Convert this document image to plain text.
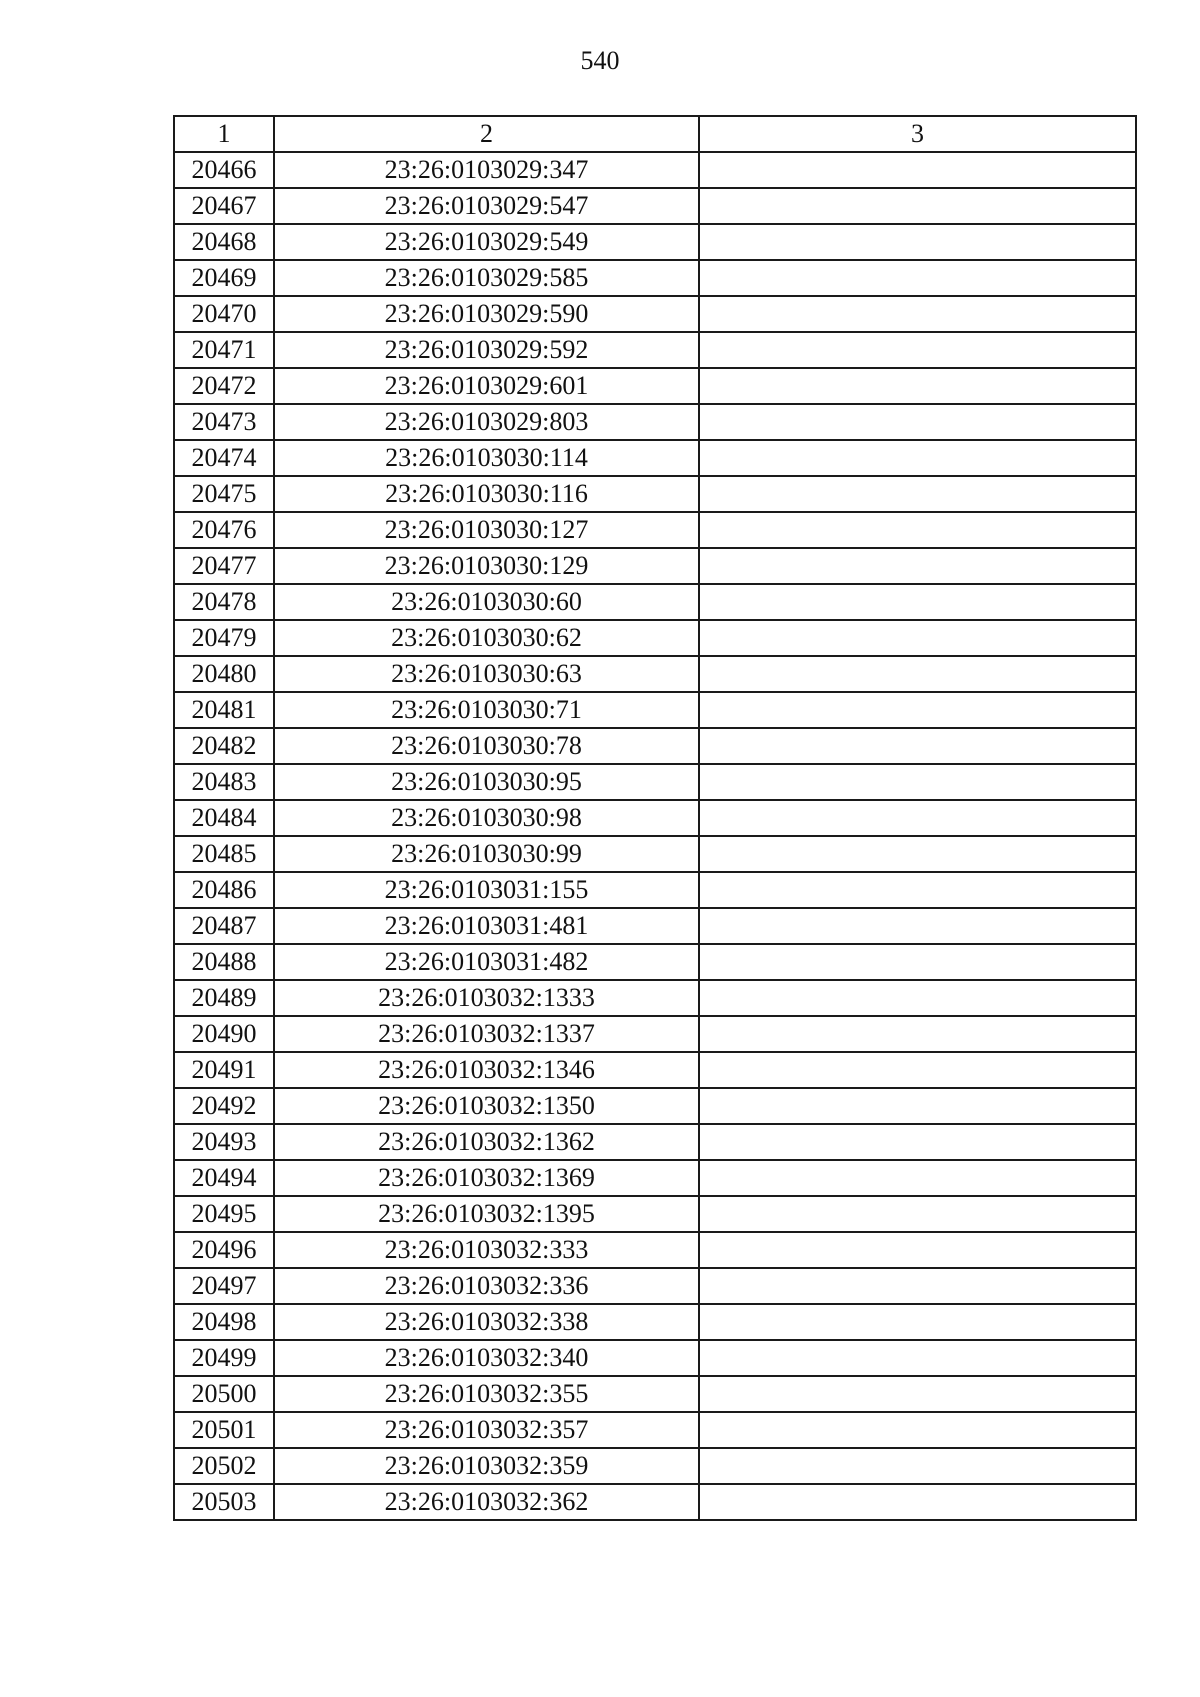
540
1	2	3
20466	23:26:0103029:347	
20467	23:26:0103029:547	
20468	23:26:0103029:549	
20469	23:26:0103029:585	
20470	23:26:0103029:590	
20471	23:26:0103029:592	
20472	23:26:0103029:601	
20473	23:26:0103029:803	
20474	23:26:0103030:114	
20475	23:26:0103030:116	
20476	23:26:0103030:127	
20477	23:26:0103030:129	
20478	23:26:0103030:60	
20479	23:26:0103030:62	
20480	23:26:0103030:63	
20481	23:26:0103030:71	
20482	23:26:0103030:78	
20483	23:26:0103030:95	
20484	23:26:0103030:98	
20485	23:26:0103030:99	
20486	23:26:0103031:155	
20487	23:26:0103031:481	
20488	23:26:0103031:482	
20489	23:26:0103032:1333	
20490	23:26:0103032:1337	
20491	23:26:0103032:1346	
20492	23:26:0103032:1350	
20493	23:26:0103032:1362	
20494	23:26:0103032:1369	
20495	23:26:0103032:1395	
20496	23:26:0103032:333	
20497	23:26:0103032:336	
20498	23:26:0103032:338	
20499	23:26:0103032:340	
20500	23:26:0103032:355	
20501	23:26:0103032:357	
20502	23:26:0103032:359	
20503	23:26:0103032:362	
